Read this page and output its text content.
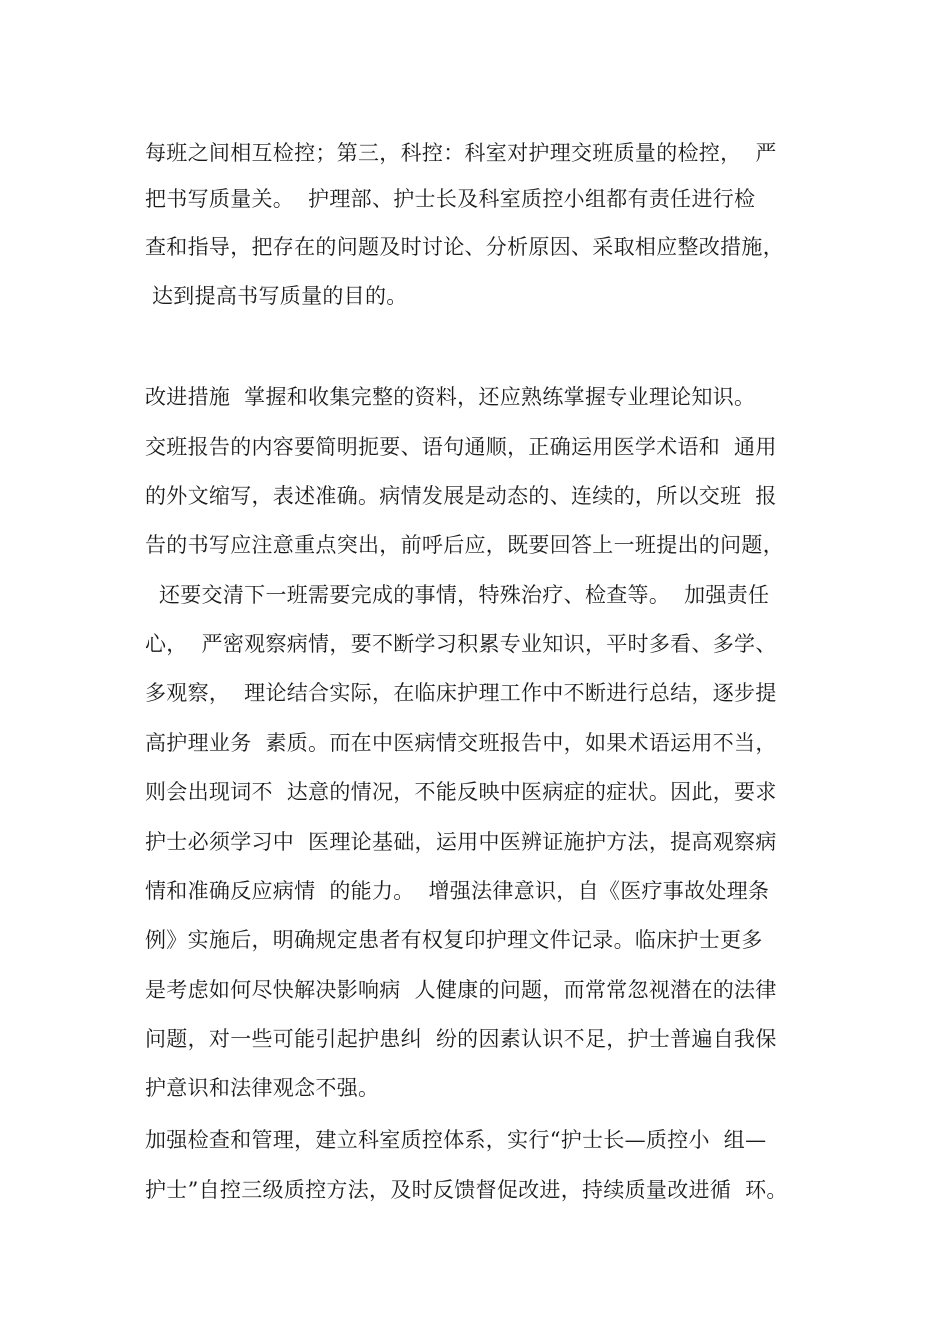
每班之间相互检控；第三，科控：科室对护理交班质量的检控，  严
把书写质量关。  护理部、护士长及科室质控小组都有责任进行检
查和指导，把存在的问题及时讨论、分析原因、采取相应整改措施，
达到提高书写质量的目的。
改进措施  掌握和收集完整的资料，还应熟练掌握专业理论知识。
交班报告的内容要简明扼要、语句通顺，正确运用医学术语和  通用
的外文缩写，表述准确。病情发展是动态的、连续的，所以交班  报
告的书写应注意重点突出，前呼后应，既要回答上一班提出的问题，
还要交清下一班需要完成的事情，特殊治疗、检查等。  加强责任
心，  严密观察病情，要不断学习积累专业知识，平时多看、多学、
多观察，  理论结合实际，在临床护理工作中不断进行总结，逐步提
高护理业务  素质。而在中医病情交班报告中，如果术语运用不当，
则会出现词不  达意的情况，不能反映中医病症的症状。因此，要求
护士必须学习中  医理论基础，运用中医辨证施护方法，提高观察病
情和准确反应病情  的能力。  增强法律意识，自《医疗事故处理条
例》实施后，明确规定患者有权复印护理文件记录。临床护士更多
是考虑如何尽快解决影响病  人健康的问题，而常常忽视潜在的法律
问题，对一些可能引起护患纠  纷的因素认识不足，护士普遍自我保
护意识和法律观念不强。
加强检查和管理，建立科室质控体系，实行“护士长—质控小  组—
护士”自控三级质控方法，及时反馈督促改进，持续质量改进循  环。
